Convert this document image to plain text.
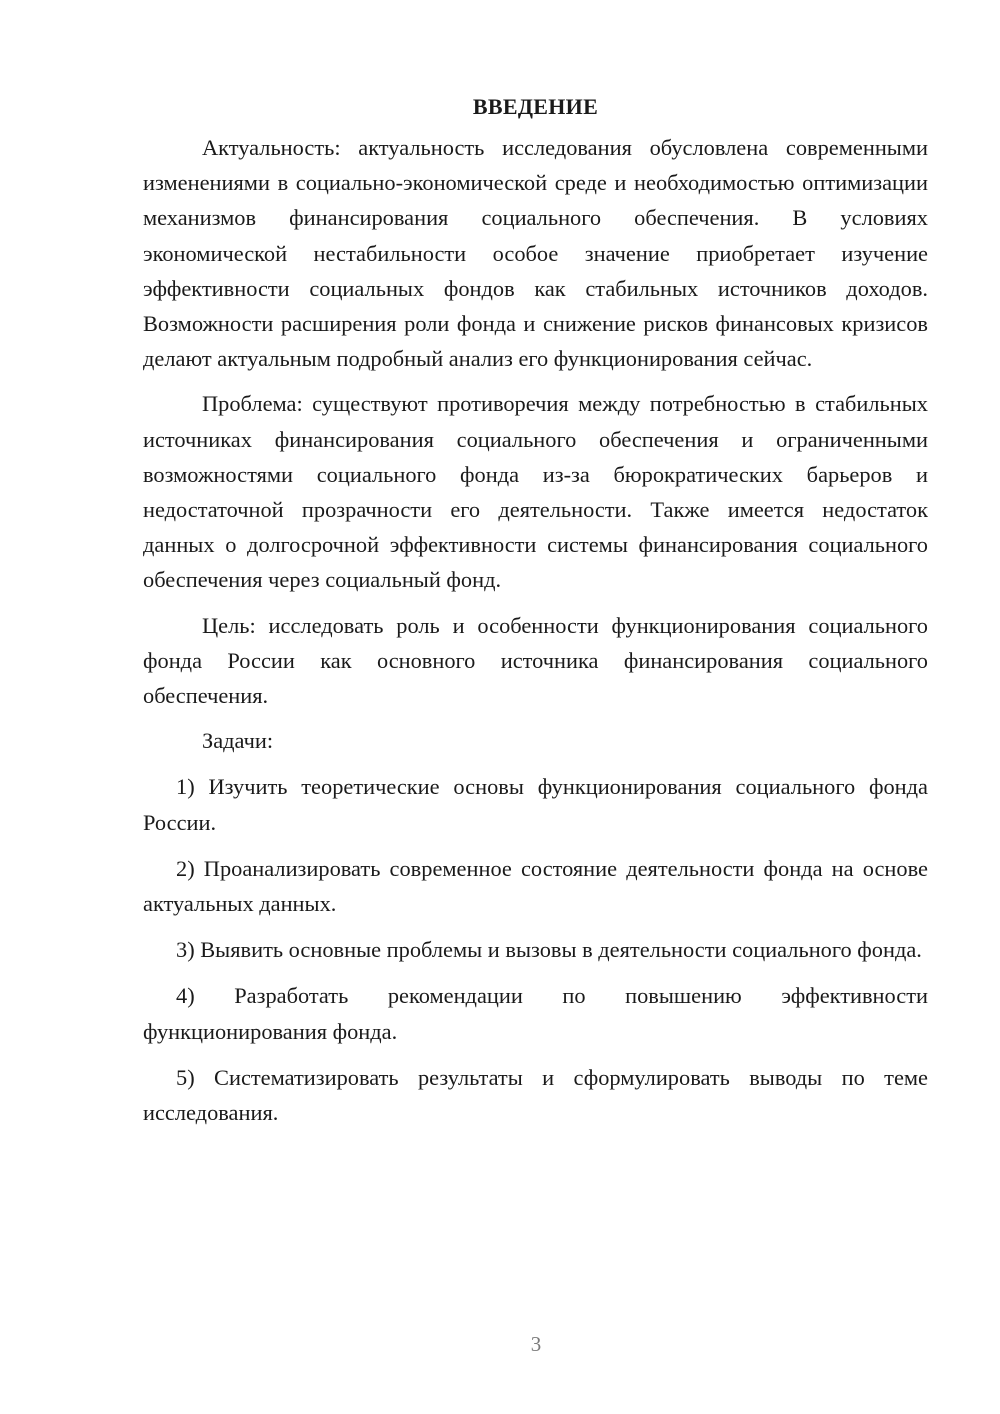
ВВЕДЕНИЕ

Актуальность: актуальность исследования обусловлена современными изменениями в социально-экономической среде и необходимостью оптимизации механизмов финансирования социального обеспечения. В условиях экономической нестабильности особое значение приобретает изучение эффективности социальных фондов как стабильных источников доходов. Возможности расширения роли фонда и снижение рисков финансовых кризисов делают актуальным подробный анализ его функционирования сейчас.

Проблема: существуют противоречия между потребностью в стабильных источниках финансирования социального обеспечения и ограниченными возможностями социального фонда из-за бюрократических барьеров и недостаточной прозрачности его деятельности. Также имеется недостаток данных о долгосрочной эффективности системы финансирования социального обеспечения через социальный фонд.

Цель: исследовать роль и особенности функционирования социального фонда России как основного источника финансирования социального обеспечения.

Задачи:

1) Изучить теоретические основы функционирования социального фонда России.

2) Проанализировать современное состояние деятельности фонда на основе актуальных данных.

3) Выявить основные проблемы и вызовы в деятельности социального фонда.

4) Разработать рекомендации по повышению эффективности функционирования фонда.

5) Систематизировать результаты и сформулировать выводы по теме исследования.

3
